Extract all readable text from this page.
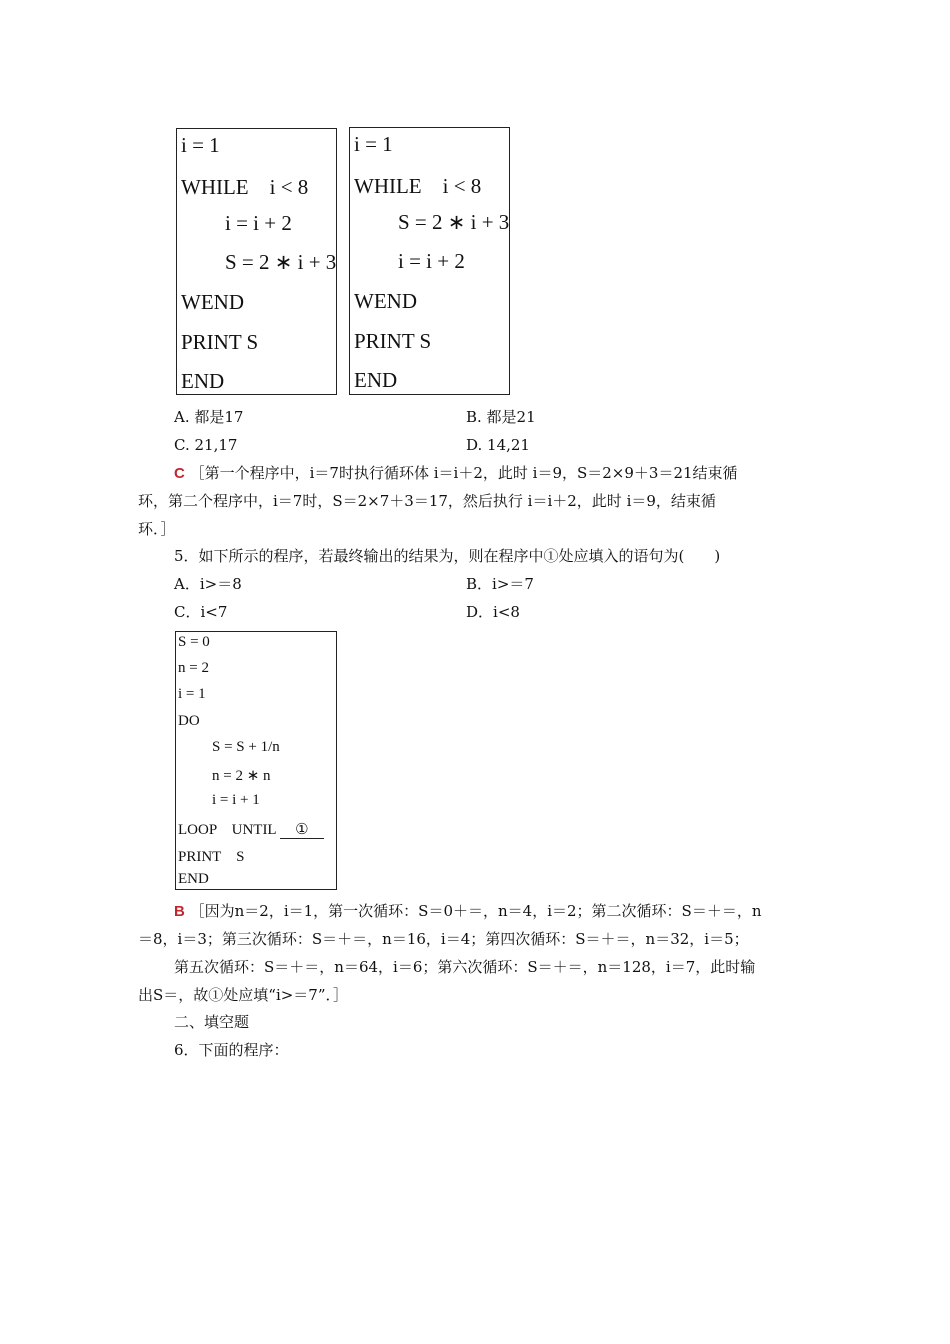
i = 1
WHILE　i < 8
i = i + 2
S = 2 ∗ i + 3
WEND
PRINT S
END
i = 1
WHILE　i < 8
S = 2 ∗ i + 3
i = i + 2
WEND
PRINT S
END
A. 都是17	B. 都是21
C. 21,17	D. 14,21
C ［第一个程序中，i＝7时执行循环体 i＝i＋2，此时 i＝9，S＝2×9＋3＝21结束循
环，第二个程序中，i＝7时，S＝2×7＋3＝17，然后执行 i＝i＋2，此时 i＝9，结束循
环．］
5．如下所示的程序，若最终输出的结果为，则在程序中①处应填入的语句为(　　)
A．i>＝8	B．i>＝7
C．i<7	D．i<8
S = 0
n = 2
i = 1
DO
S = S + 1/n
n = 2 ∗ n
i = i + 1
LOOP　UNTIL ①
PRINT　S
END
B ［因为n＝2，i＝1，第一次循环：S＝0＋＝，n＝4，i＝2；第二次循环：S＝＋＝，n
＝8，i＝3；第三次循环：S＝＋＝，n＝16，i＝4；第四次循环：S＝＋＝，n＝32，i＝5；
第五次循环：S＝＋＝，n＝64，i＝6；第六次循环：S＝＋＝，n＝128，i＝7，此时输
出S＝，故①处应填“i>＝7”．］
二、填空题
6．下面的程序：
